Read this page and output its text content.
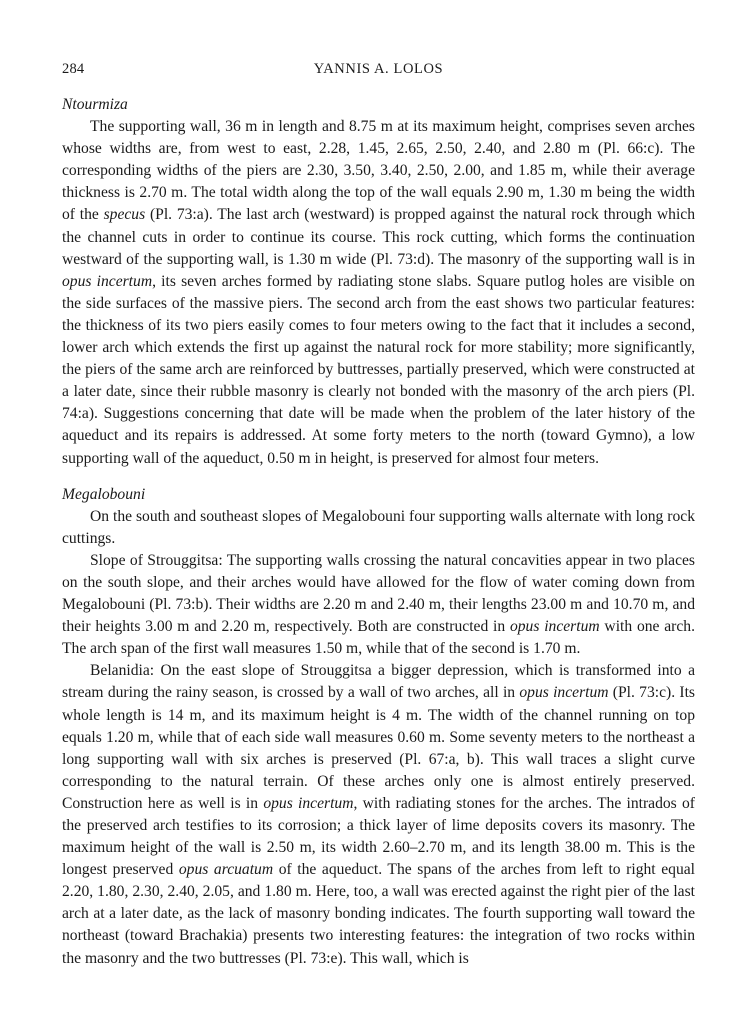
284	YANNIS A. LOLOS
Ntourmiza

The supporting wall, 36 m in length and 8.75 m at its maximum height, comprises seven arches whose widths are, from west to east, 2.28, 1.45, 2.65, 2.50, 2.40, and 2.80 m (Pl. 66:c). The corresponding widths of the piers are 2.30, 3.50, 3.40, 2.50, 2.00, and 1.85 m, while their average thickness is 2.70 m. The total width along the top of the wall equals 2.90 m, 1.30 m being the width of the specus (Pl. 73:a). The last arch (westward) is propped against the natural rock through which the channel cuts in order to continue its course. This rock cutting, which forms the continuation westward of the supporting wall, is 1.30 m wide (Pl. 73:d). The masonry of the supporting wall is in opus incertum, its seven arches formed by radiating stone slabs. Square putlog holes are visible on the side surfaces of the massive piers. The second arch from the east shows two particular features: the thickness of its two piers easily comes to four meters owing to the fact that it includes a second, lower arch which extends the first up against the natural rock for more stability; more significantly, the piers of the same arch are reinforced by buttresses, partially preserved, which were constructed at a later date, since their rubble masonry is clearly not bonded with the masonry of the arch piers (Pl. 74:a). Suggestions concerning that date will be made when the problem of the later history of the aqueduct and its repairs is addressed. At some forty meters to the north (toward Gymno), a low supporting wall of the aqueduct, 0.50 m in height, is preserved for almost four meters.

Megalobouni

On the south and southeast slopes of Megalobouni four supporting walls alternate with long rock cuttings.

Slope of Strouggitsa: The supporting walls crossing the natural concavities appear in two places on the south slope, and their arches would have allowed for the flow of water coming down from Megalobouni (Pl. 73:b). Their widths are 2.20 m and 2.40 m, their lengths 23.00 m and 10.70 m, and their heights 3.00 m and 2.20 m, respectively. Both are constructed in opus incertum with one arch. The arch span of the first wall measures 1.50 m, while that of the second is 1.70 m.

Belanidia: On the east slope of Strouggitsa a bigger depression, which is transformed into a stream during the rainy season, is crossed by a wall of two arches, all in opus incertum (Pl. 73:c). Its whole length is 14 m, and its maximum height is 4 m. The width of the channel running on top equals 1.20 m, while that of each side wall measures 0.60 m. Some seventy meters to the northeast a long supporting wall with six arches is preserved (Pl. 67:a, b). This wall traces a slight curve corresponding to the natural terrain. Of these arches only one is almost entirely preserved. Construction here as well is in opus incertum, with radiating stones for the arches. The intrados of the preserved arch testifies to its corrosion; a thick layer of lime deposits covers its masonry. The maximum height of the wall is 2.50 m, its width 2.60–2.70 m, and its length 38.00 m. This is the longest preserved opus arcuatum of the aqueduct. The spans of the arches from left to right equal 2.20, 1.80, 2.30, 2.40, 2.05, and 1.80 m. Here, too, a wall was erected against the right pier of the last arch at a later date, as the lack of masonry bonding indicates. The fourth supporting wall toward the northeast (toward Brachakia) presents two interesting features: the integration of two rocks within the masonry and the two buttresses (Pl. 73:e). This wall, which is
